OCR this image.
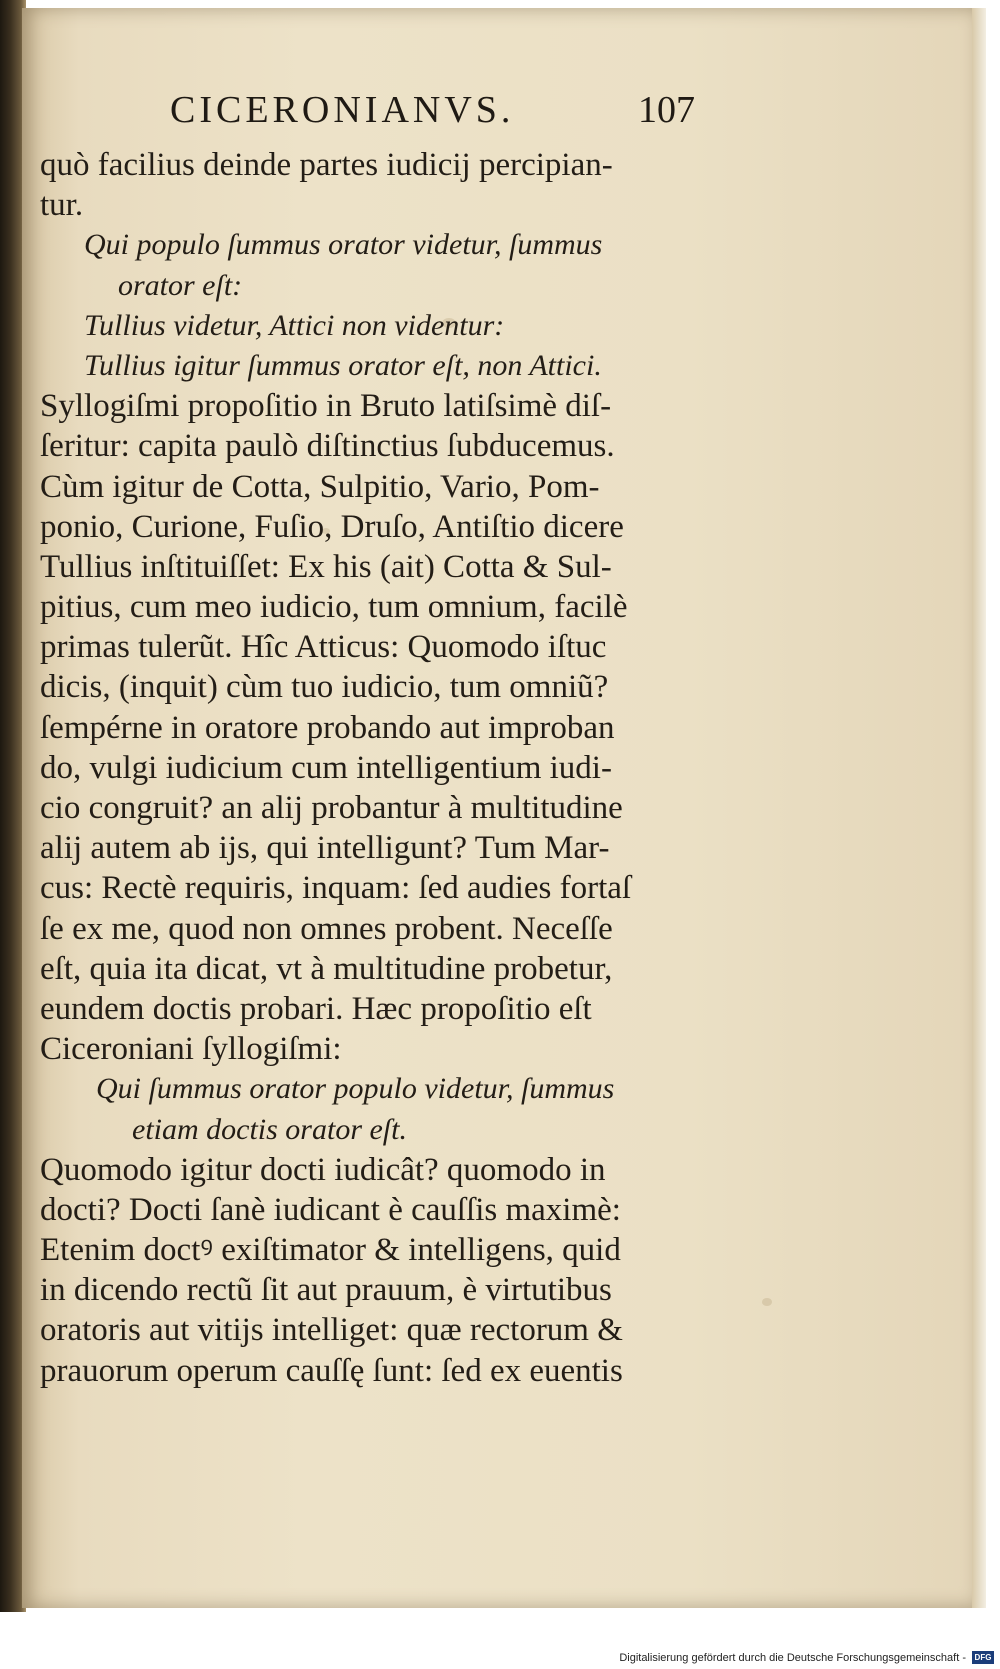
CICERONIANVS.	107
quò facilius deinde partes iudicij percipian-
tur.
Qui populo ſummus orator videtur, ſummus
orator eſt:
Tullius videtur, Attici non videntur:
Tullius igitur ſummus orator eſt, non Attici.
Syllogiſmi propoſitio in Bruto latiſsimè diſ-
ſeritur: capita paulò diſtinctius ſubducemus.
Cùm igitur de Cotta, Sulpitio, Vario, Pom-
ponio, Curione, Fuſio, Druſo, Antiſtio dicere
Tullius inſtituiſſet: Ex his (ait) Cotta & Sul-
pitius, cum meo iudicio, tum omnium, facilè
primas tulerũt. Hîc Atticus: Quomodo iſtuc
dicis, (inquit) cùm tuo iudicio, tum omniũ?
ſempérne in oratore probando aut improban
do, vulgi iudicium cum intelligentium iudi-
cio congruit? an alij probantur à multitudine
alij autem ab ijs, qui intelligunt? Tum Mar-
cus: Rectè requiris, inquam: ſed audies fortaſ
ſe ex me, quod non omnes probent. Neceſſe
eſt, quia ita dicat, vt à multitudine probetur,
eundem doctis probari. Hæc propoſitio eſt
Ciceroniani ſyllogiſmi:
Qui ſummus orator populo videtur, ſummus
etiam doctis orator eſt.
Quomodo igitur docti iudicât? quomodo in
docti? Docti ſanè iudicant è cauſſis maximè:
Etenim doctꝰ exiſtimator & intelligens, quid
in dicendo rectũ ſit aut prauum, è virtutibus
oratoris aut vitijs intelliget: quæ rectorum &
prauorum operum cauſſę ſunt: ſed ex euentis
Digitalisierung gefördert durch die Deutsche Forschungsgemeinschaft -	DFG
